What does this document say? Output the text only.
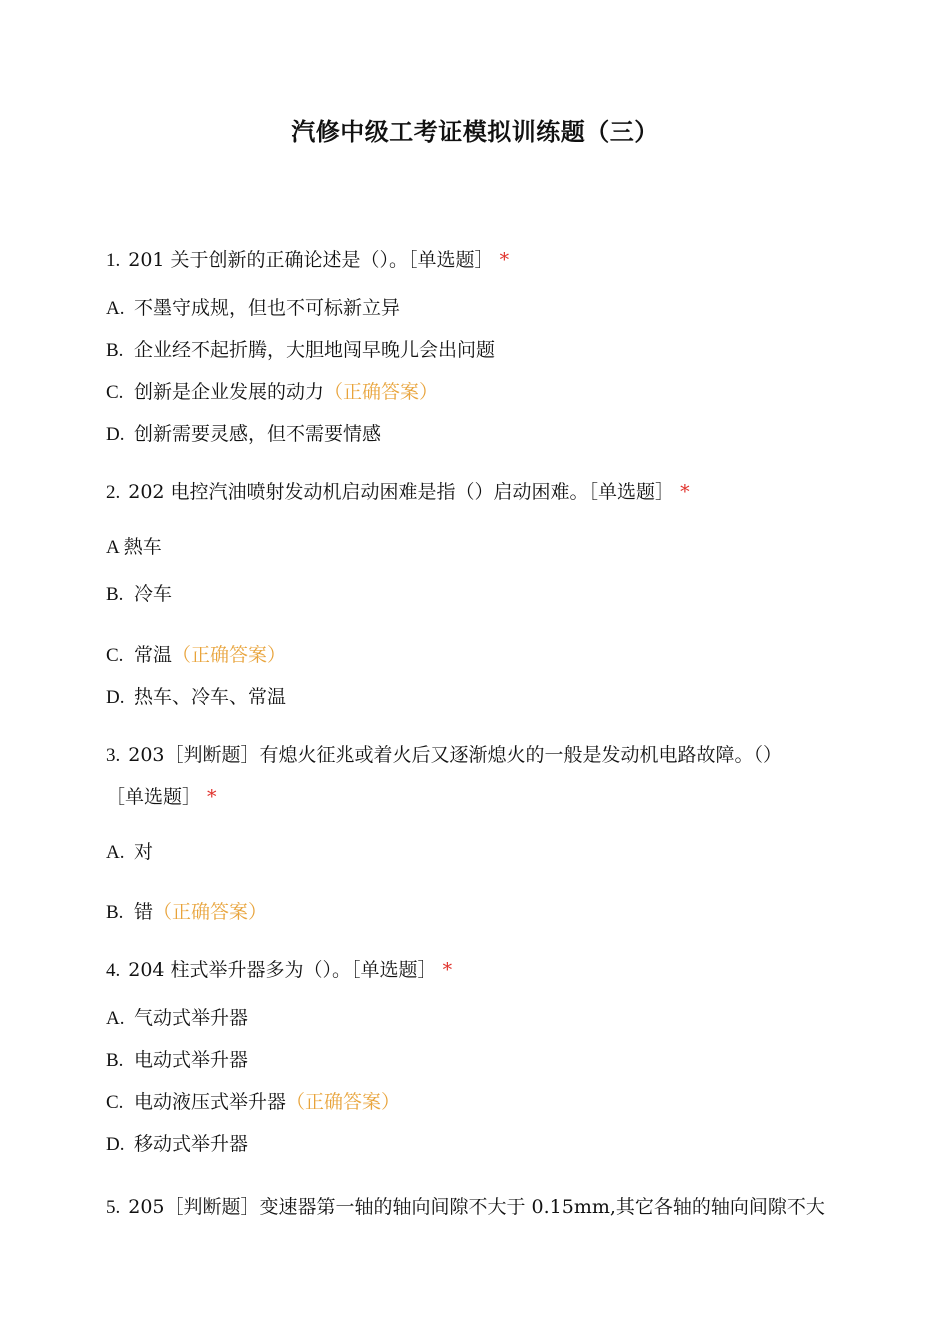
汽修中级工考证模拟训练题（三）
1. 201 关于创新的正确论述是（）。［单选题］ *
A. 不墨守成规，但也不可标新立异
B. 企业经不起折腾，大胆地闯早晚儿会出问题
C. 创新是企业发展的动力（正确答案）
D. 创新需要灵感，但不需要情感
2. 202 电控汽油喷射发动机启动困难是指（）启动困难。［单选题］ *
A 熱车
B. 冷车
C. 常温（正确答案）
D. 热车、冷车、常温
3. 203［判断题］有熄火征兆或着火后又逐渐熄火的一般是发动机电路故障。（）
［单选题］ *
A. 对
B. 错（正确答案）
4. 204 柱式举升器多为（）。［单选题］ *
A. 气动式举升器
B. 电动式举升器
C. 电动液压式举升器（正确答案）
D. 移动式举升器
5. 205［判断题］变速器第一轴的轴向间隙不大于 0.15mm,其它各轴的轴向间隙不大
